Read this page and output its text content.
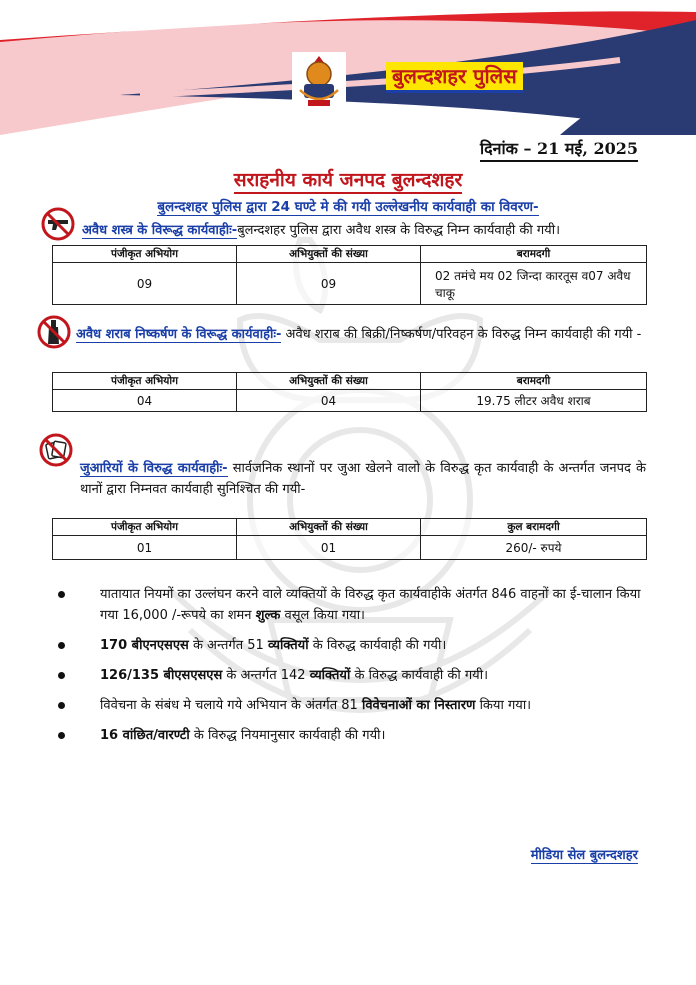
बुलन्दशहर पुलिस
दिनांक – 21 मई, 2025
सराहनीय कार्य जनपद बुलन्दशहर
बुलन्दशहर पुलिस द्वारा 24 घण्टे मे की गयी उल्लेखनीय कार्यवाही का विवरण-
अवैध शस्त्र के विरूद्ध कार्यवाहीः-बुलन्दशहर पुलिस द्वारा अवैध शस्त्र के विरुद्ध निम्न कार्यवाही की गयी।
पंजीकृत अभियोग	अभियुक्तों की संख्या	बरामदगी
09	09	02 तमंचे मय 02 जिन्दा कारतूस व07 अवैध चाकू
अवैध शराब निष्कर्षण के विरूद्ध कार्यवाहीः- अवैध शराब की बिक्री/निष्कर्षण/परिवहन के विरुद्ध निम्न कार्यवाही की गयी -
पंजीकृत अभियोग	अभियुक्तों की संख्या	बरामदगी
04	04	19.75 लीटर अवैध शराब
जुआरियों के विरुद्ध कार्यवाहीः- सार्वजनिक स्थानों पर जुआ खेलने वालो के विरुद्ध कृत कार्यवाही के अन्तर्गत जनपद के थानों द्वारा निम्नवत कार्यवाही सुनिश्चित की गयी-
पंजीकृत अभियोग	अभियुक्तों की संख्या	कुल बरामदगी
01	01	260/- रुपये
यातायात नियमों का उल्लंघन करने वाले व्यक्तियों के विरुद्ध कृत कार्यवाहीके अंतर्गत 846 वाहनों का ई-चालान किया गया 16,000 /-रूपये का शमन शुल्क वसूल किया गया।
170 बीएनएसएस के अन्तर्गत 51 व्यक्तियों के विरुद्ध कार्यवाही की गयी।
126/135 बीएसएसएस के अन्तर्गत 142 व्यक्तियों के विरुद्ध कार्यवाही की गयी।
विवेचना के संबंध मे चलाये गये अभियान के अंतर्गत 81 विवेचनाओं का निस्तारण किया गया।
16 वांछित/वारण्टी के विरुद्ध नियमानुसार कार्यवाही की गयी।
मीडिया सेल बुलन्दशहर
